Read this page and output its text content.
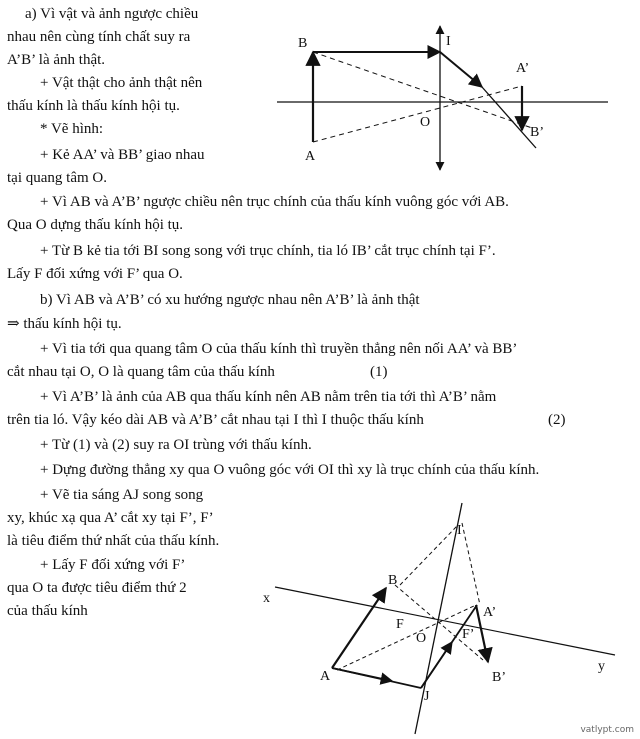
a) Vì vật và ảnh ngược chiều
nhau nên cùng tính chất suy ra
A’B’ là ảnh thật.
+ Vật thật cho ảnh thật nên
thấu kính là thấu kính hội tụ.
* Vẽ hình:
+ Kẻ AA’ và BB’ giao nhau
tại quang tâm O.
+ Vì AB và A’B’ ngược chiều nên trục chính của thấu kính vuông góc với AB.
Qua O dựng thấu kính hội tụ.
+ Từ B kẻ tia tới BI song song với trục chính, tia ló IB’ cắt trục chính tại F’.
Lấy F đối xứng với F’ qua O.
b) Vì AB và A’B’ có xu hướng ngược nhau nên A’B’ là ảnh thật
⇒ thấu kính hội tụ.
+ Vì tia tới qua quang tâm O của thấu kính thì truyền thẳng nên nối AA’ và BB’
cắt nhau tại O, O là quang tâm của thấu kính	(1)
+ Vì A’B’ là ảnh của AB qua thấu kính nên AB nằm trên tia tới thì A’B’ nằm
trên tia ló. Vậy kéo dài AB và A’B’ cắt nhau tại I thì I thuộc thấu kính	(2)
+ Từ (1) và (2) suy ra OI trùng với thấu kính.
+ Dựng đường thẳng xy qua O vuông góc với OI thì xy là trục chính của thấu kính.
+ Vẽ tia sáng AJ song song
xy, khúc xạ qua A’ cắt xy tại F’, F’
là tiêu điểm thứ nhất của thấu kính.
+ Lấy F đối xứng với F’
qua O ta được tiêu điểm thứ 2
của thấu kính
B	I
A’
O
B’
A
I
B
x
A’
F
O	F’
B’
y
A
J
vatlypt.com
